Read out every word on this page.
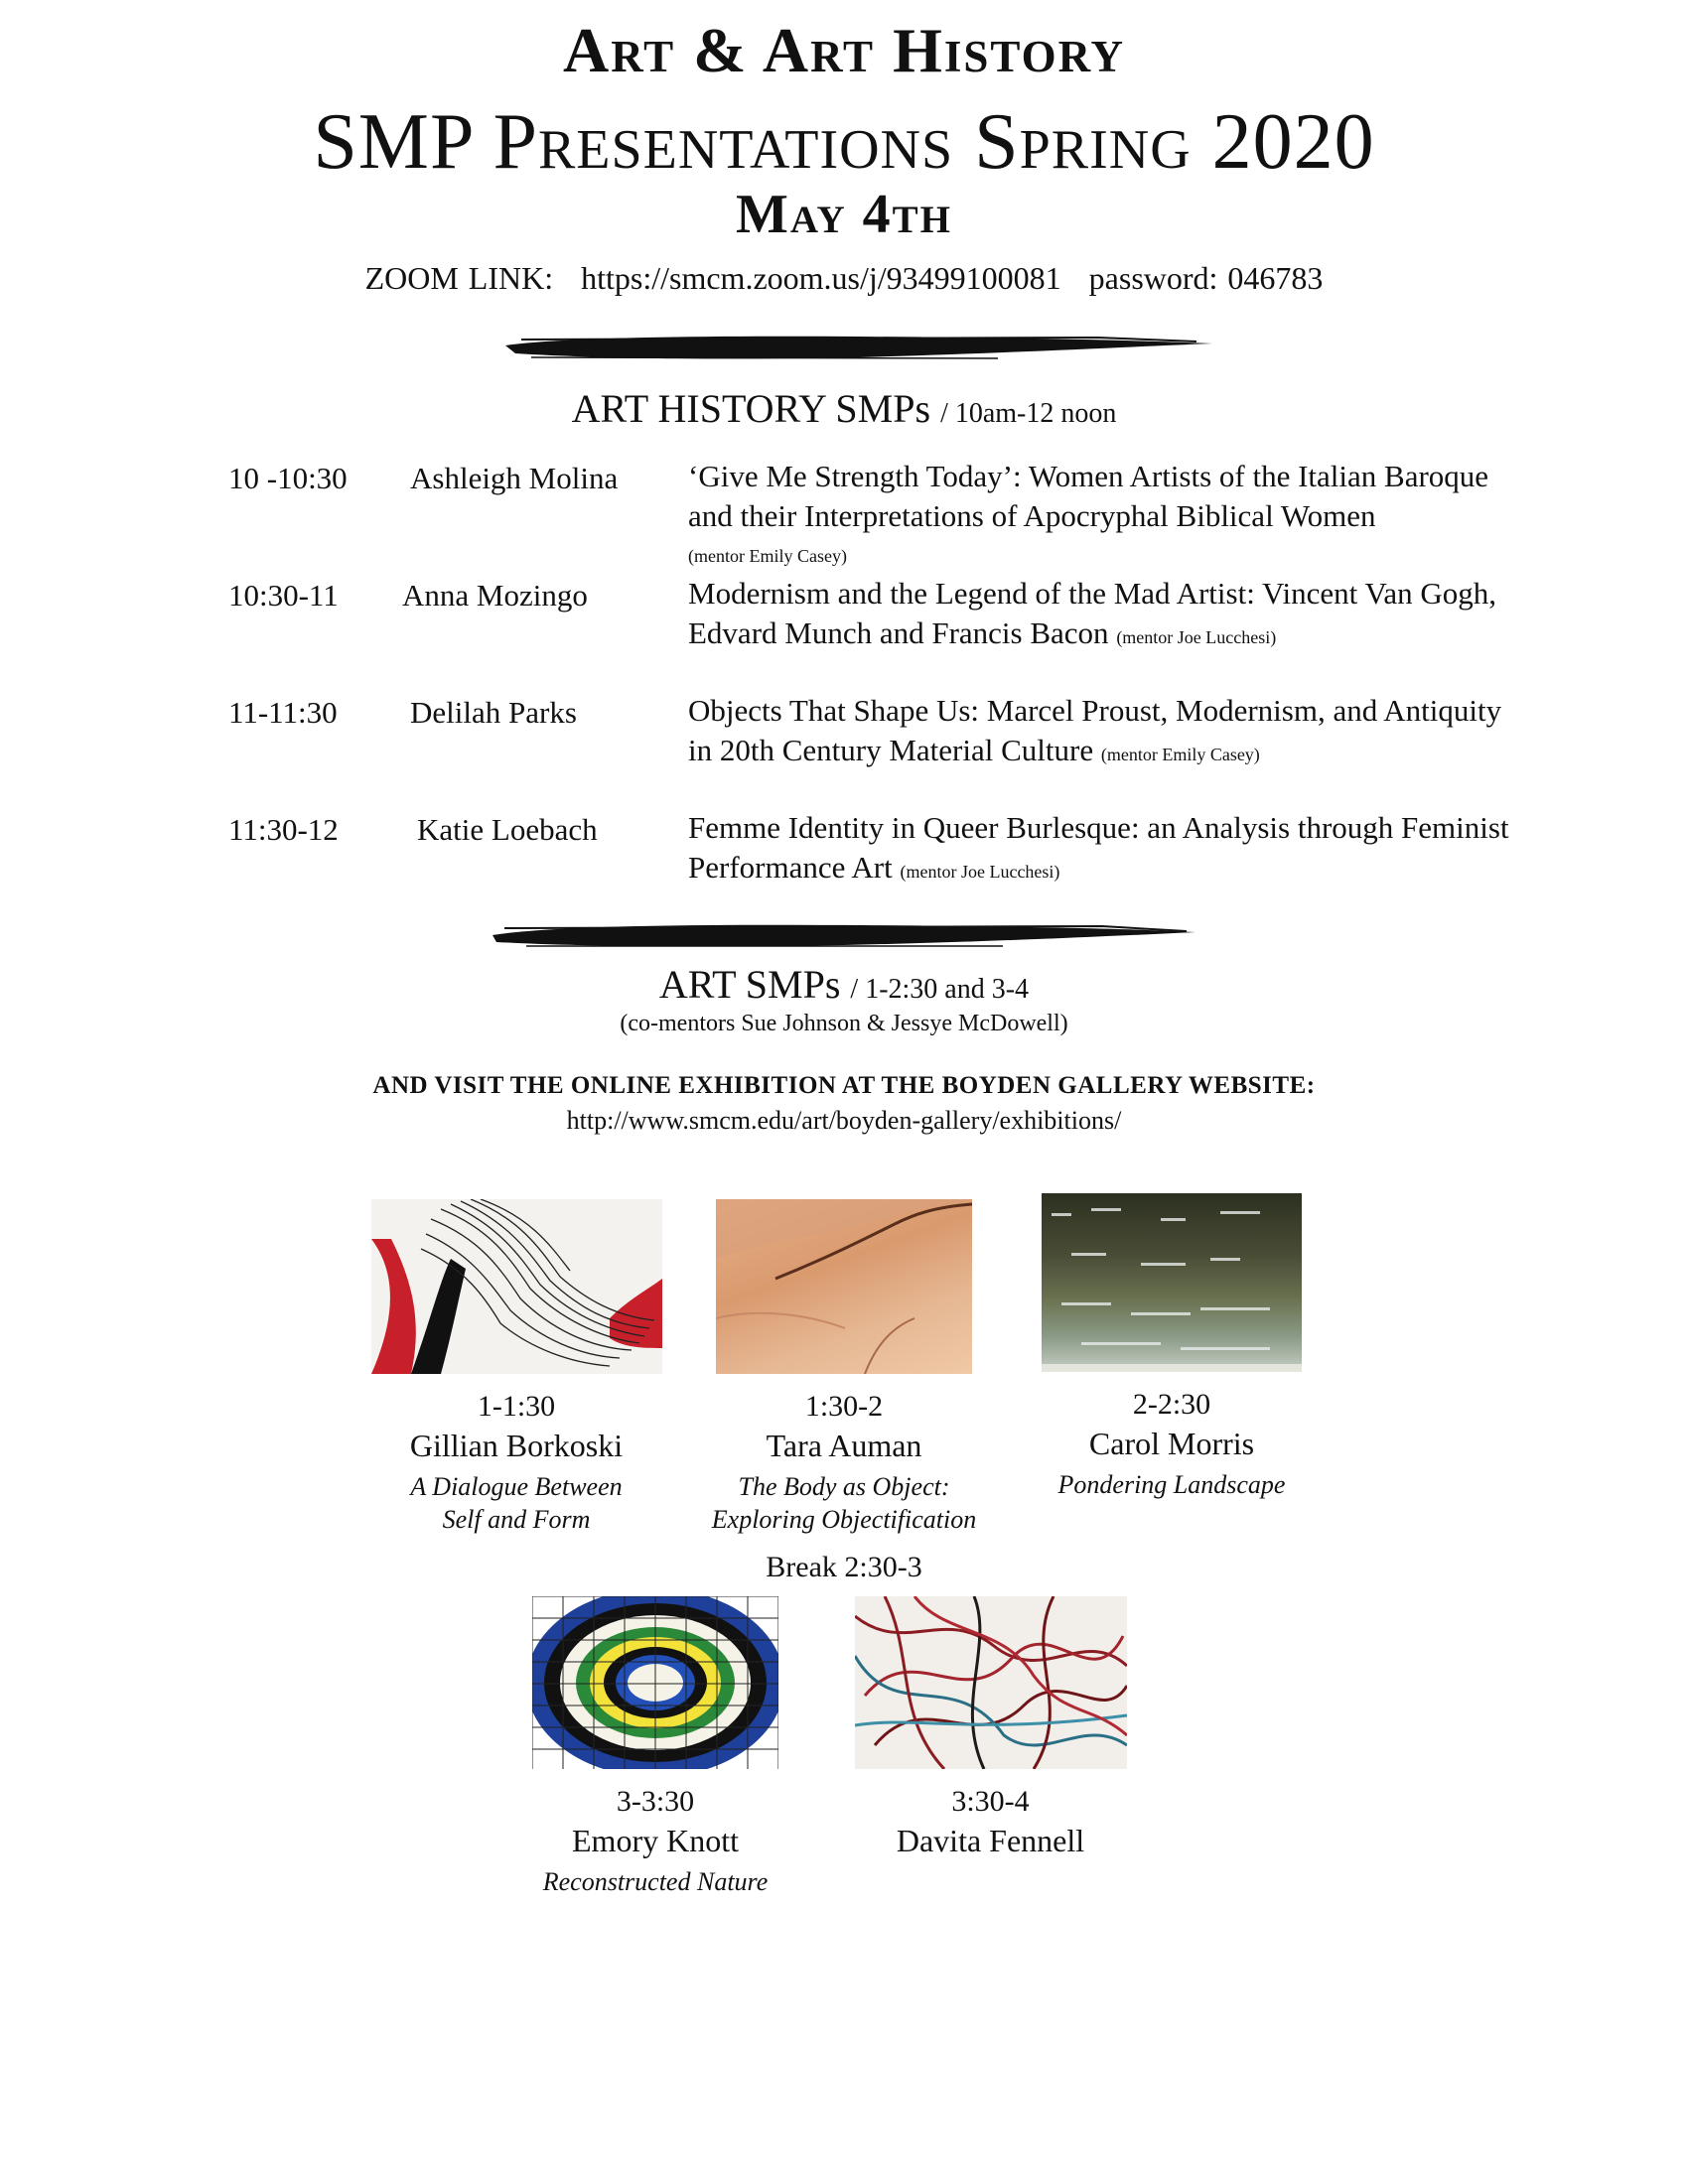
Art & Art History
SMP Presentations Spring 2020
May 4th
ZOOM LINK: https://smcm.zoom.us/j/93499100081 password: 046783
ART HISTORY SMPs / 10am-12 noon
10 -10:30 Ashleigh Molina ‘Give Me Strength Today’: Women Artists of the Italian Baroque and their Interpretations of Apocryphal Biblical Women
(mentor Emily Casey)
10:30-11 Anna Mozingo	Modernism and the Legend of the Mad Artist: Vincent Van Gogh, Edvard Munch and Francis Bacon (mentor Joe Lucchesi)
11-11:30 Delilah Parks	Objects That Shape Us: Marcel Proust, Modernism, and Antiquity in 20th Century Material Culture (mentor Emily Casey)
11:30-12	Katie Loebach	Femme Identity in Queer Burlesque: an Analysis through Feminist Performance Art (mentor Joe Lucchesi)
ART SMPs / 1-2:30 and 3-4
(co-mentors Sue Johnson & Jessye McDowell)
AND VISIT THE ONLINE EXHIBITION AT THE BOYDEN GALLERY WEBSITE:
http://www.smcm.edu/art/boyden-gallery/exhibitions/
1-1:30
Gillian Borkoski
A Dialogue Between
Self and Form
1:30-2
Tara Auman
The Body as Object:
Exploring Objectification
2-2:30
Carol Morris
Pondering Landscape
Break 2:30-3
3-3:30
Emory Knott
Reconstructed Nature
3:30-4
Davita Fennell
